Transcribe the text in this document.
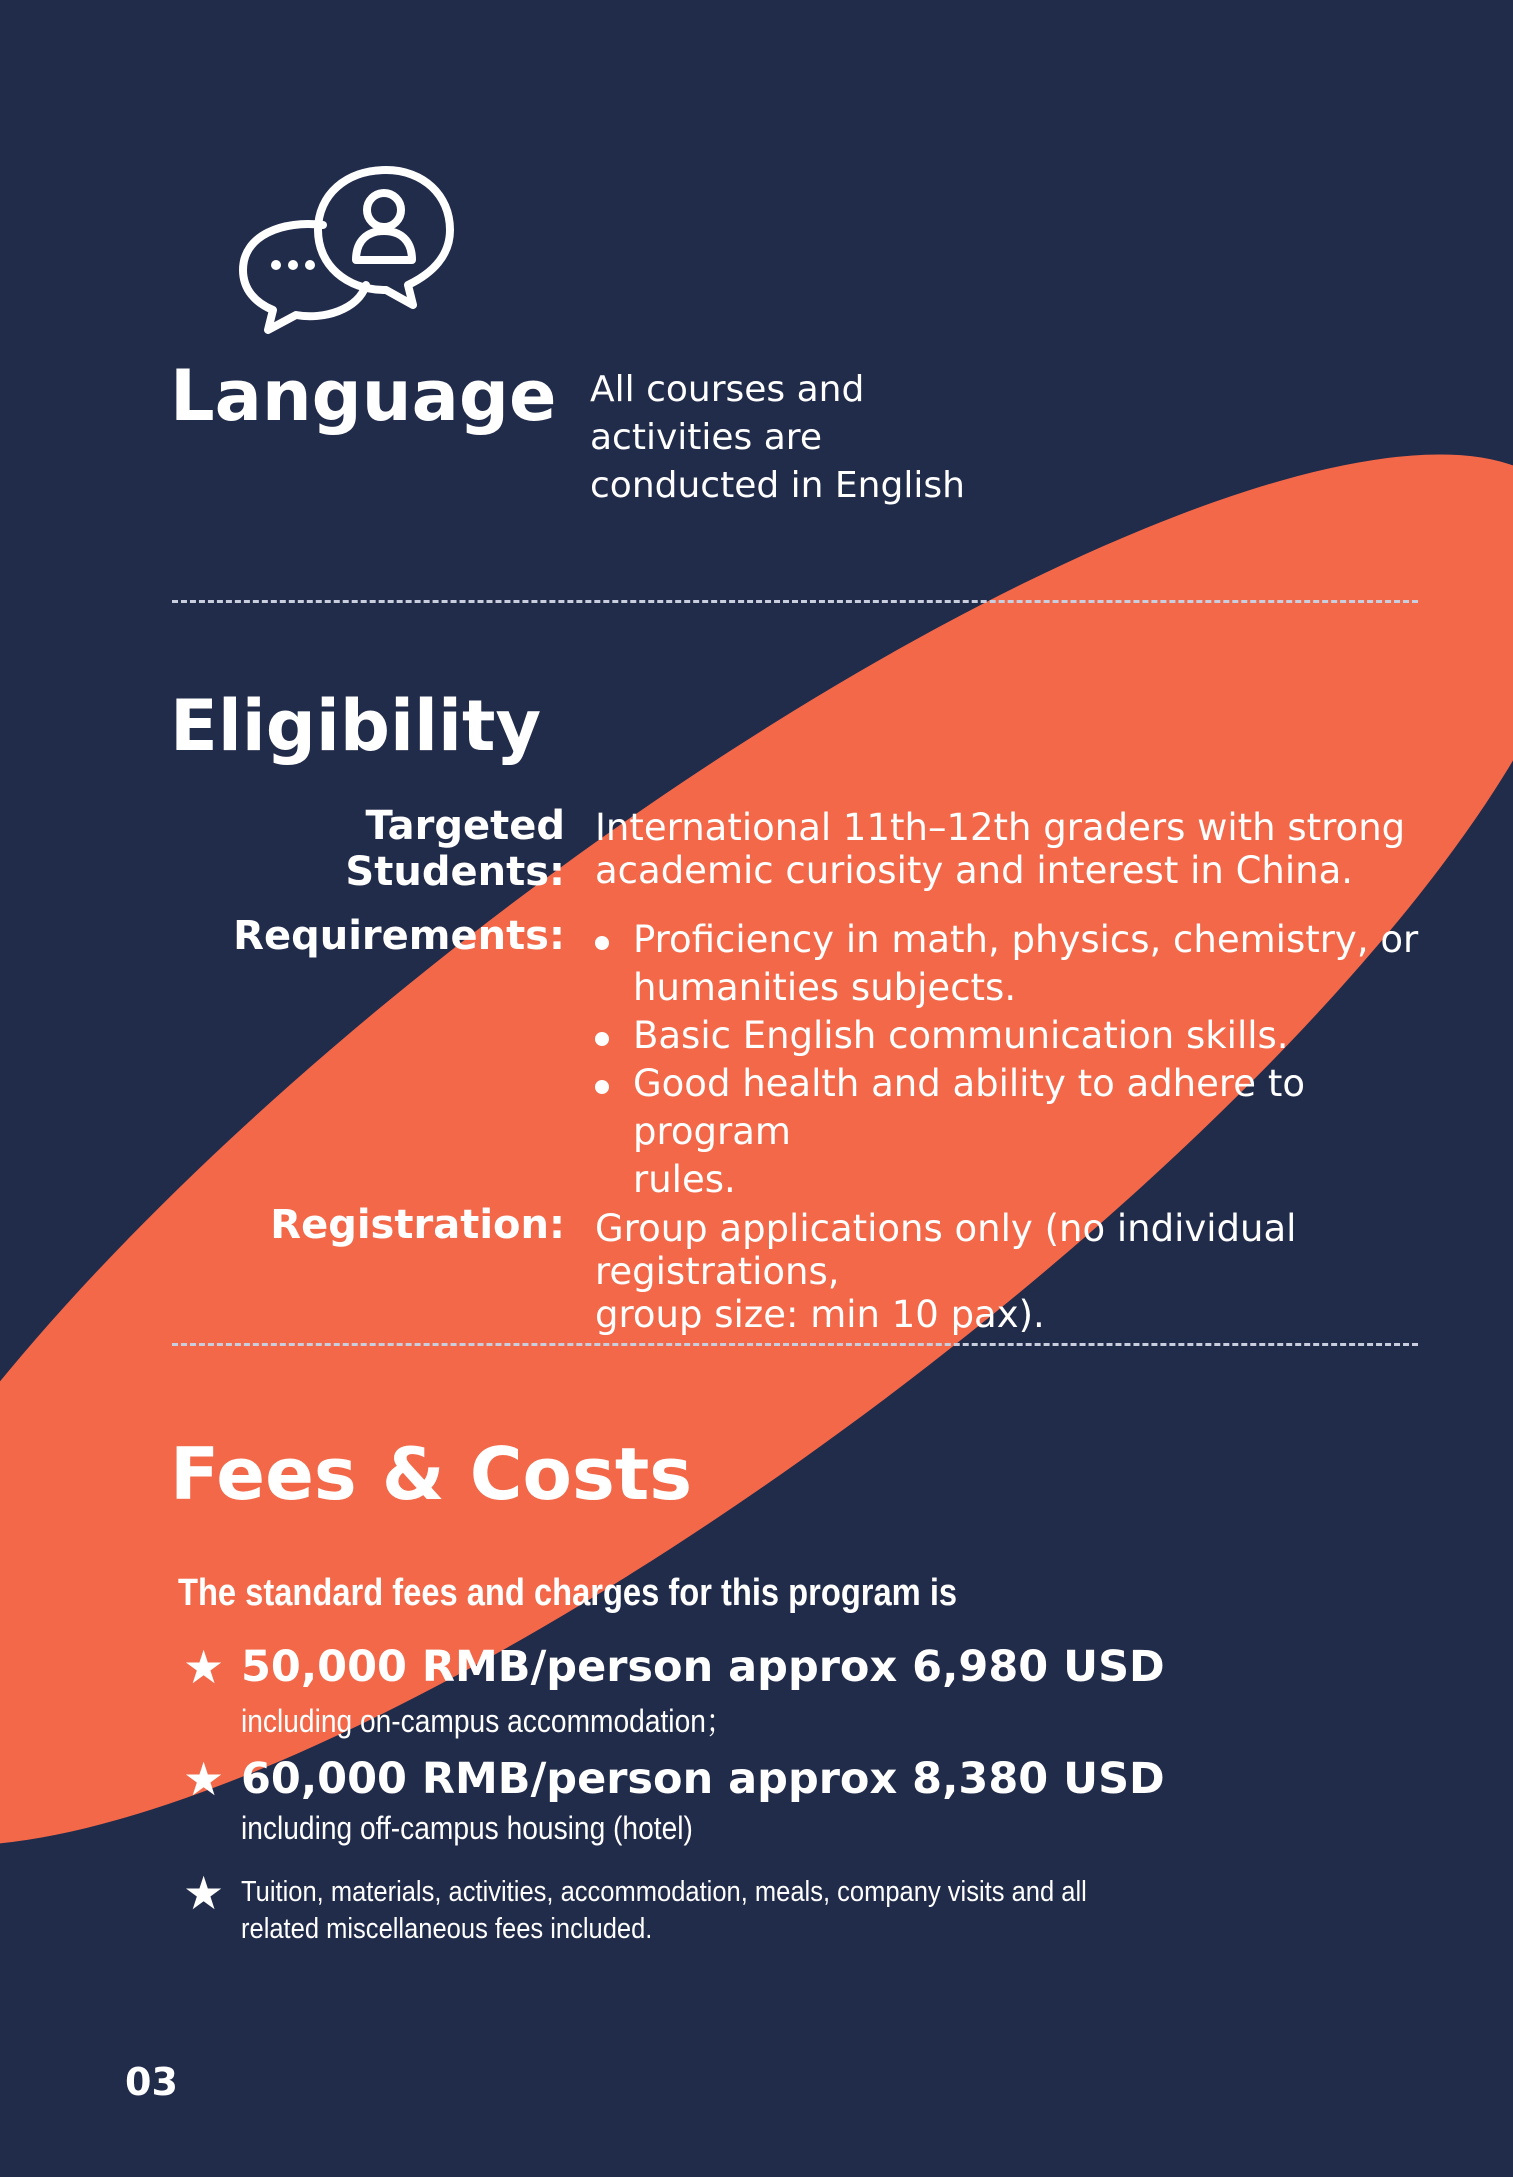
Language All courses and
activities are
conducted in English
Eligibility
Targeted Students:
International 11th–12th graders with strong
academic curiosity and interest in China.
Requirements: Proficiency in math, physics, chemistry, or
humanities subjects.
Basic English communication skills.
Good health and ability to adhere to program
rules.
Registration: Group applications only (no individual registrations,
group size: min 10 pax).
Fees & Costs
The standard fees and charges for this program is
★ 50,000 RMB/person approx 6,980 USD
including on-campus accommodation；
★ 60,000 RMB/person approx 8,380 USD
including off-campus housing (hotel)
★ Tuition, materials, activities, accommodation, meals, company visits and all
related miscellaneous fees included.
03
